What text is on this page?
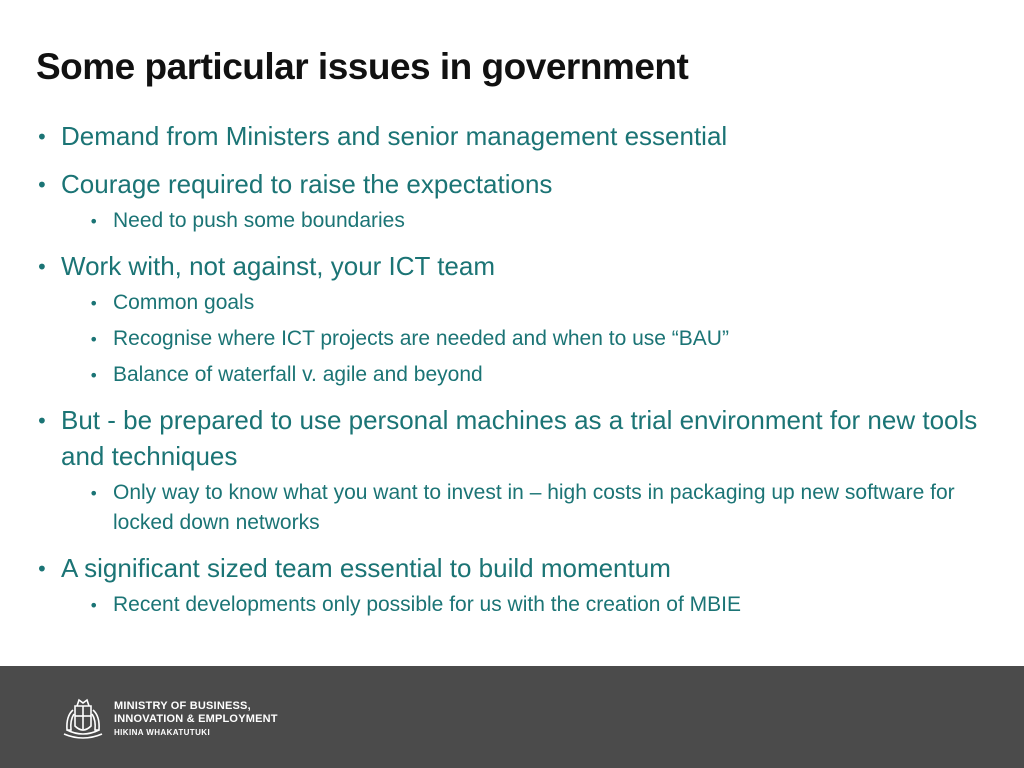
Some particular issues in government
• Demand from Ministers and senior management essential
• Courage required to raise the expectations
• Need to push some boundaries
• Work with, not against, your ICT team
• Common goals
• Recognise where ICT projects are needed and when to use “BAU”
• Balance of waterfall v. agile and beyond
• But - be prepared to use personal machines as a trial environment for new tools and techniques
• Only way to know what you want to invest in – high costs in packaging up new software for locked down networks
• A significant sized team essential to build momentum
• Recent developments only possible for us with the creation of MBIE
MINISTRY OF BUSINESS,
INNOVATION & EMPLOYMENT
HIKINA WHAKATUTUKI
